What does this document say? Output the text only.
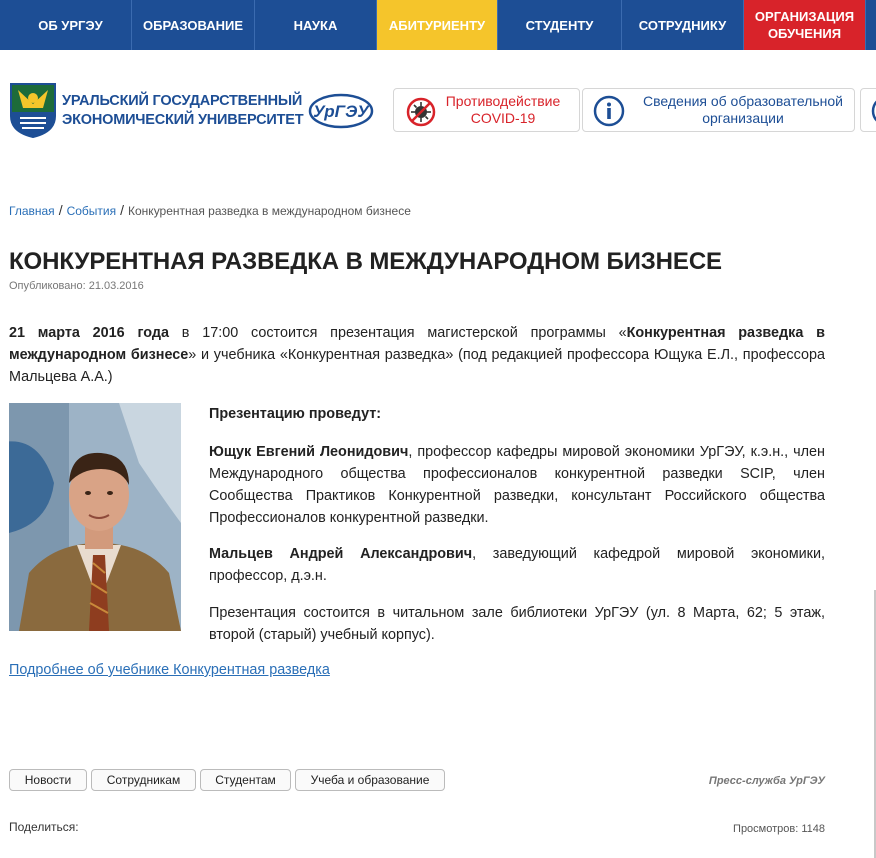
ОБ УРГЭУ	ОБРАЗОВАНИЕ	НАУКА	АБИТУРИЕНТУ	СТУДЕНТУ	СОТРУДНИКУ
ОРГАНИЗАЦИЯ ОБУЧЕНИЯ
УРАЛЬСКИЙ ГОСУДАРСТВЕННЫЙ
ЭКОНОМИЧЕСКИЙ УНИВЕРСИТЕТ УрГЭУ
Противодействие COVID-19
Сведения об образовательной организации
Главная / События / Конкурентная разведка в международном бизнесе
КОНКУРЕНТНАЯ РАЗВЕДКА В МЕЖДУНАРОДНОМ БИЗНЕСЕ
Опубликовано: 21.03.2016

21 марта 2016 года в 17:00 состоится презентация магистерской программы «Конкурентная разведка в международном бизнесе» и учебника «Конкурентная разведка» (под редакцией профессора Ющука Е.Л., профессора Мальцева А.А.)

Презентацию проведут:

Ющук Евгений Леонидович, профессор кафедры мировой экономики УрГЭУ, к.э.н., член Международного общества профессионалов конкурентной разведки SCIP, член Сообщества Практиков Конкурентной разведки, консультант Российского общества Профессионалов конкурентной разведки.

Мальцев Андрей Александрович, заведующий кафедрой мировой экономики, профессор, д.э.н.

Презентация состоится в читальном зале библиотеки УрГЭУ (ул. 8 Марта, 62; 5 этаж, второй (старый) учебный корпус).

Подробнее об учебнике Конкурентная разведка
Новости	Сотрудникам	Студентам	Учеба и образование	Пресс-служба УрГЭУ
Поделиться:	Просмотров: 1148
